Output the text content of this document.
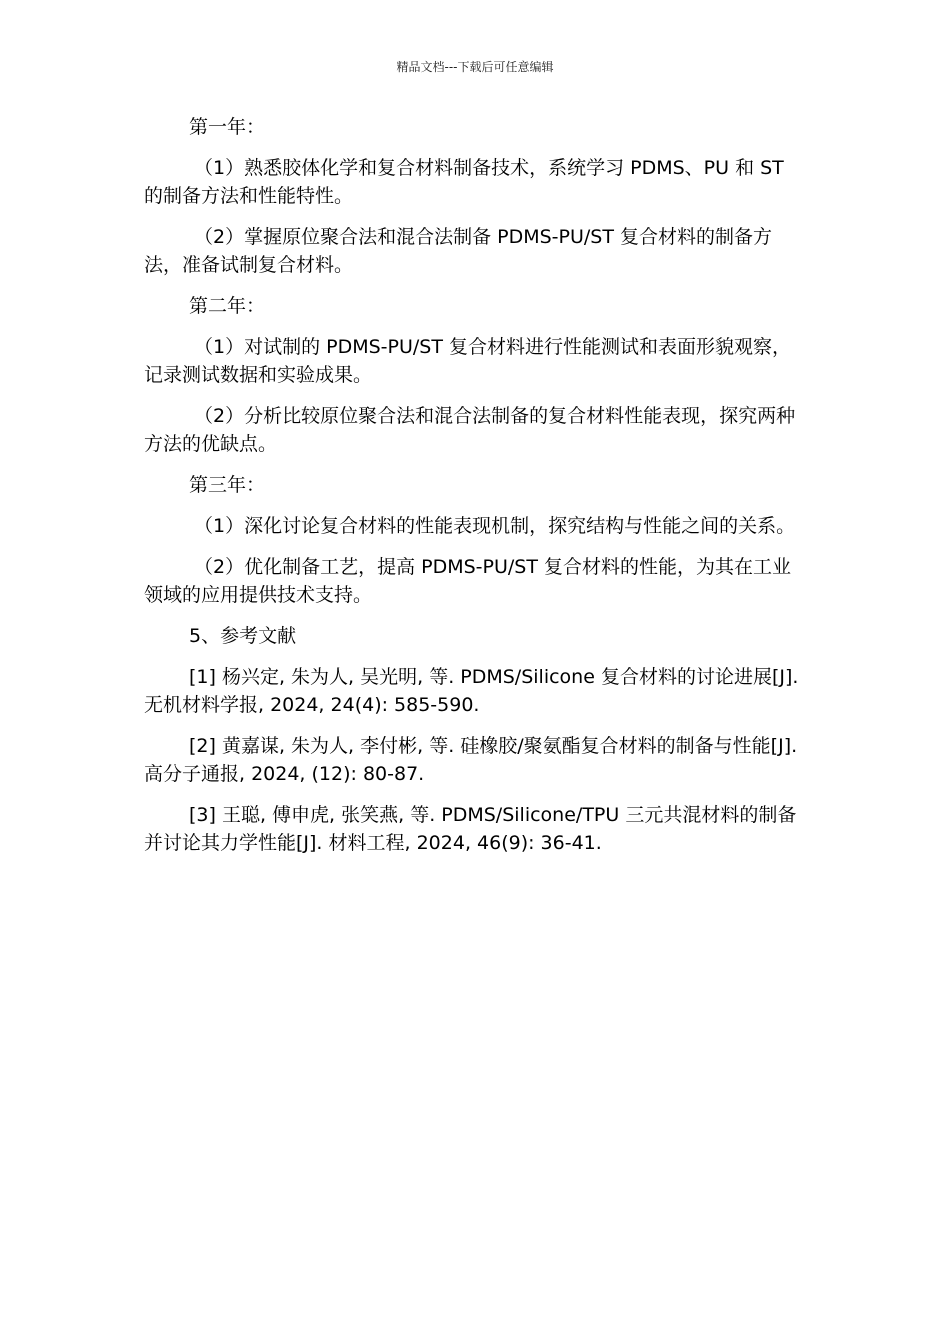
精品文档---下载后可任意编辑

第一年：

（1）熟悉胶体化学和复合材料制备技术，系统学习 PDMS、PU 和 ST 的制备方法和性能特性。

（2）掌握原位聚合法和混合法制备 PDMS-PU/ST 复合材料的制备方法，准备试制复合材料。

第二年：

（1）对试制的 PDMS-PU/ST 复合材料进行性能测试和表面形貌观察，记录测试数据和实验成果。

（2）分析比较原位聚合法和混合法制备的复合材料性能表现，探究两种方法的优缺点。

第三年：

（1）深化讨论复合材料的性能表现机制，探究结构与性能之间的关系。

（2）优化制备工艺，提高 PDMS-PU/ST 复合材料的性能，为其在工业领域的应用提供技术支持。

5、参考文献

[1] 杨兴定, 朱为人, 吴光明, 等. PDMS/Silicone 复合材料的讨论进展[J]. 无机材料学报, 2024, 24(4): 585-590.

[2] 黄嘉谋, 朱为人, 李付彬, 等. 硅橡胶/聚氨酯复合材料的制备与性能[J]. 高分子通报, 2024, (12): 80-87.

[3] 王聪, 傅申虎, 张笑燕, 等. PDMS/Silicone/TPU 三元共混材料的制备并讨论其力学性能[J]. 材料工程, 2024, 46(9): 36-41.
